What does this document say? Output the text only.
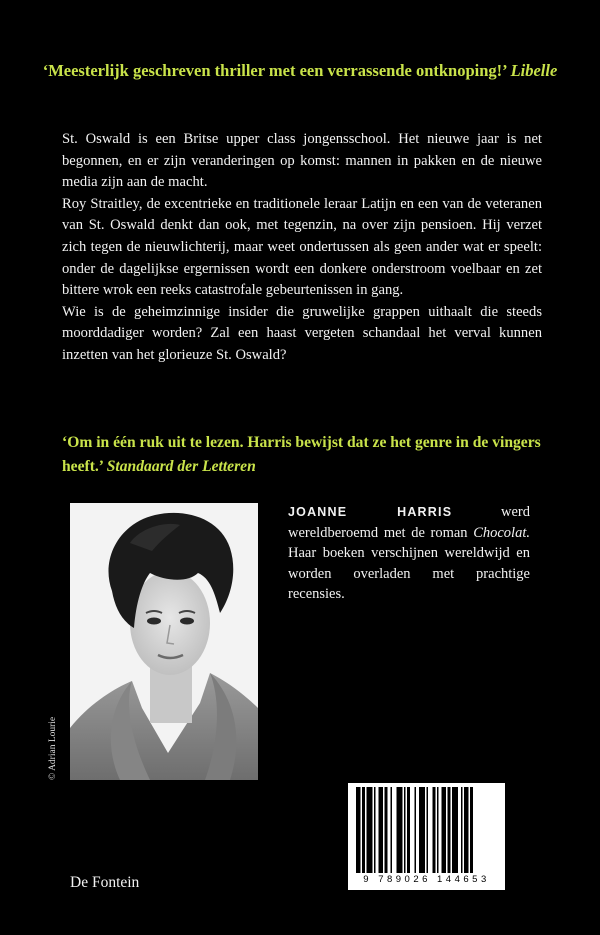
‘Meesterlijk geschreven thriller met een verrassende ontknoping!’ Libelle

St. Oswald is een Britse upper class jongensschool. Het nieuwe jaar is net begonnen, en er zijn veranderingen op komst: mannen in pakken en de nieuwe media zijn aan de macht.

Roy Straitley, de excentrieke en traditionele leraar Latijn en een van de veteranen van St. Oswald denkt dan ook, met tegenzin, na over zijn pensioen. Hij verzet zich tegen de nieuwlichterij, maar weet ondertussen als geen ander wat er speelt: onder de dagelijkse ergernissen wordt een donkere onderstroom voelbaar en zet bittere wrok een reeks catastrofale gebeurtenissen in gang.

Wie is de geheimzinnige insider die gruwelijke grappen uithaalt die steeds moorddadiger worden? Zal een haast vergeten schandaal het verval kunnen inzetten van het glorieuze St. Oswald?

‘Om in één ruk uit te lezen. Harris bewijst dat ze het genre in de vingers heeft.’ Standaard der Letteren
© Adrian Lourie
JOANNE HARRIS	werd wereldberoemd met de roman Chocolat. Haar boeken verschijnen wereldwijd en worden overladen met prachtige recensies.
9 789026 144653
De Fontein
